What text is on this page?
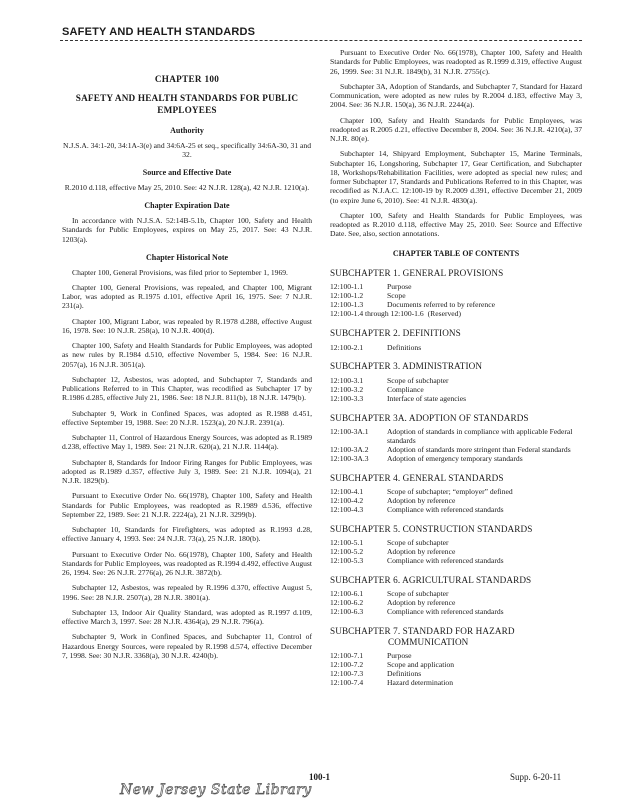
SAFETY AND HEALTH STANDARDS
CHAPTER 100
SAFETY AND HEALTH STANDARDS FOR PUBLIC EMPLOYEES
Authority

N.J.S.A. 34:1-20, 34:1A-3(e) and 34:6A-25 et seq., specifically 34:6A-30, 31 and 32.

Source and Effective Date

R.2010 d.118, effective May 25, 2010. See: 42 N.J.R. 128(a), 42 N.J.R. 1210(a).

Chapter Expiration Date

In accordance with N.J.S.A. 52:14B-5.1b, Chapter 100, Safety and Health Standards for Public Employees, expires on May 25, 2017. See: 43 N.J.R. 1203(a).

Chapter Historical Note

Chapter 100, General Provisions, was filed prior to September 1, 1969.

Chapter 100, General Provisions, was repealed, and Chapter 100, Migrant Labor, was adopted as R.1975 d.101, effective April 16, 1975. See: 7 N.J.R. 231(a).

Chapter 100, Migrant Labor, was repealed by R.1978 d.288, effective August 16, 1978. See: 10 N.J.R. 258(a), 10 N.J.R. 400(d).

Chapter 100, Safety and Health Standards for Public Employees, was adopted as new rules by R.1984 d.510, effective November 5, 1984. See: 16 N.J.R. 2057(a), 16 N.J.R. 3051(a).

Subchapter 12, Asbestos, was adopted, and Subchapter 7, Standards and Publications Referred to in This Chapter, was recodified as Subchapter 17 by R.1986 d.285, effective July 21, 1986. See: 18 N.J.R. 811(b), 18 N.J.R. 1479(b).

Subchapter 9, Work in Confined Spaces, was adopted as R.1988 d.451, effective September 19, 1988. See: 20 N.J.R. 1523(a), 20 N.J.R. 2391(a).

Subchapter 11, Control of Hazardous Energy Sources, was adopted as R.1989 d.238, effective May 1, 1989. See: 21 N.J.R. 620(a), 21 N.J.R. 1144(a).

Subchapter 8, Standards for Indoor Firing Ranges for Public Employees, was adopted as R.1989 d.357, effective July 3, 1989. See: 21 N.J.R. 1094(a), 21 N.J.R. 1829(b).

Pursuant to Executive Order No. 66(1978), Chapter 100, Safety and Health Standards for Public Employees, was readopted as R.1989 d.536, effective September 22, 1989. See: 21 N.J.R. 2224(a), 21 N.J.R. 3299(b).

Subchapter 10, Standards for Firefighters, was adopted as R.1993 d.28, effective January 4, 1993. See: 24 N.J.R. 73(a), 25 N.J.R. 180(b).

Pursuant to Executive Order No. 66(1978), Chapter 100, Safety and Health Standards for Public Employees, was readopted as R.1994 d.492, effective August 26, 1994. See: 26 N.J.R. 2776(a), 26 N.J.R. 3872(b).

Subchapter 12, Asbestos, was repealed by R.1996 d.370, effective August 5, 1996. See: 28 N.J.R. 2507(a), 28 N.J.R. 3801(a).

Subchapter 13, Indoor Air Quality Standard, was adopted as R.1997 d.109, effective March 3, 1997. See: 28 N.J.R. 4364(a), 29 N.J.R. 796(a).

Subchapter 9, Work in Confined Spaces, and Subchapter 11, Control of Hazardous Energy Sources, were repealed by R.1998 d.574, effective December 7, 1998. See: 30 N.J.R. 3368(a), 30 N.J.R. 4240(b).

Pursuant to Executive Order No. 66(1978), Chapter 100, Safety and Health Standards for Public Employees, was readopted as R.1999 d.319, effective August 26, 1999. See: 31 N.J.R. 1849(b), 31 N.J.R. 2755(c).

Subchapter 3A, Adoption of Standards, and Subchapter 7, Standard for Hazard Communication, were adopted as new rules by R.2004 d.183, effective May 3, 2004. See: 36 N.J.R. 150(a), 36 N.J.R. 2244(a).

Chapter 100, Safety and Health Standards for Public Employees, was readopted as R.2005 d.21, effective December 8, 2004. See: 36 N.J.R. 4210(a), 37 N.J.R. 80(e).

Subchapter 14, Shipyard Employment, Subchapter 15, Marine Terminals, Subchapter 16, Longshoring, Subchapter 17, Gear Certification, and Subchapter 18, Workshops/Rehabilitation Facilities, were adopted as special new rules; and former Subchapter 17, Standards and Publications Referred to in this Chapter, was recodified as N.J.A.C. 12:100-19 by R.2009 d.391, effective December 21, 2009 (to expire June 6, 2010). See: 41 N.J.R. 4830(a).

Chapter 100, Safety and Health Standards for Public Employees, was readopted as R.2010 d.118, effective May 25, 2010. See: Source and Effective Date. See, also, section annotations.

CHAPTER TABLE OF CONTENTS
SUBCHAPTER 1. GENERAL PROVISIONS
12:100-1.1	Purpose
12:100-1.2	Scope
12:100-1.3	Documents referred to by reference
12:100-1.4 through 12:100-1.6 (Reserved)
SUBCHAPTER 2. DEFINITIONS
12:100-2.1	Definitions
SUBCHAPTER 3. ADMINISTRATION
12:100-3.1	Scope of subchapter
12:100-3.2	Compliance
12:100-3.3	Interface of state agencies
SUBCHAPTER 3A. ADOPTION OF STANDARDS
12:100-3A.1	Adoption of standards in compliance with applicable Federal standards
12:100-3A.2	Adoption of standards more stringent than Federal standards
12:100-3A.3	Adoption of emergency temporary standards
SUBCHAPTER 4. GENERAL STANDARDS
12:100-4.1	Scope of subchapter; “employer” defined
12:100-4.2	Adoption by reference
12:100-4.3	Compliance with referenced standards
SUBCHAPTER 5. CONSTRUCTION STANDARDS
12:100-5.1	Scope of subchapter
12:100-5.2	Adoption by reference
12:100-5.3	Compliance with referenced standards
SUBCHAPTER 6. AGRICULTURAL STANDARDS
12:100-6.1	Scope of subchapter
12:100-6.2	Adoption by reference
12:100-6.3	Compliance with referenced standards
SUBCHAPTER 7. STANDARD FOR HAZARD
COMMUNICATION
12:100-7.1	Purpose
12:100-7.2	Scope and application
12:100-7.3	Definitions
12:100-7.4	Hazard determination
New Jersey State Library
100-1	Supp. 6-20-11
